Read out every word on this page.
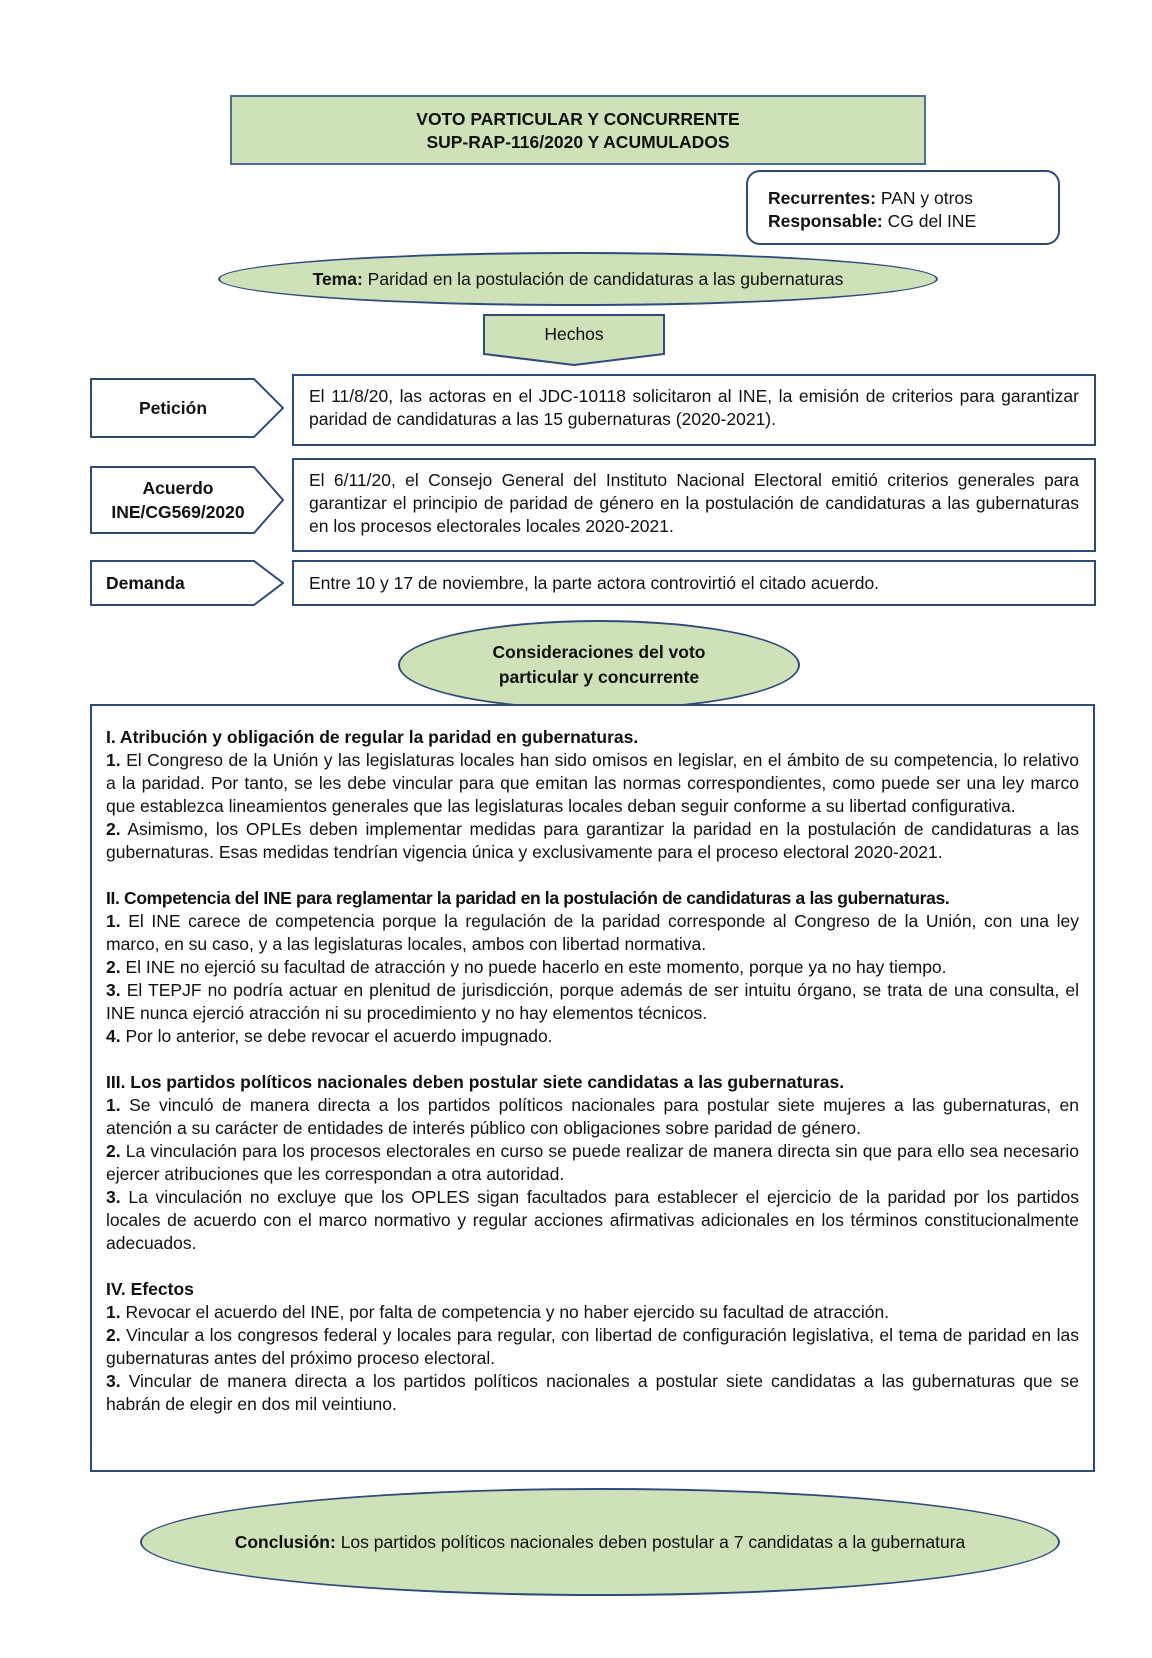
VOTO PARTICULAR Y CONCURRENTE
SUP-RAP-116/2020 Y ACUMULADOS
Recurrentes: PAN y otros
Responsable: CG del INE
Tema: Paridad en la postulación de candidaturas a las gubernaturas
Hechos
Petición
El 11/8/20, las actoras en el JDC-10118 solicitaron al INE, la emisión de criterios para garantizar paridad de candidaturas a las 15 gubernaturas (2020-2021).
Acuerdo
INE/CG569/2020
El 6/11/20, el Consejo General del Instituto Nacional Electoral emitió criterios generales para garantizar el principio de paridad de género en la postulación de candidaturas a las gubernaturas en los procesos electorales locales 2020-2021.
Demanda	Entre 10 y 17 de noviembre, la parte actora controvirtió el citado acuerdo.
Consideraciones del voto
particular y concurrente
I. Atribución y obligación de regular la paridad en gubernaturas.
1. El Congreso de la Unión y las legislaturas locales han sido omisos en legislar, en el ámbito de su competencia, lo relativo a la paridad. Por tanto, se les debe vincular para que emitan las normas correspondientes, como puede ser una ley marco que establezca lineamientos generales que las legislaturas locales deban seguir conforme a su libertad configurativa.
2. Asimismo, los OPLEs deben implementar medidas para garantizar la paridad en la postulación de candidaturas a las gubernaturas. Esas medidas tendrían vigencia única y exclusivamente para el proceso electoral 2020-2021.
II. Competencia del INE para reglamentar la paridad en la postulación de candidaturas a las gubernaturas.
1. El INE carece de competencia porque la regulación de la paridad corresponde al Congreso de la Unión, con una ley marco, en su caso, y a las legislaturas locales, ambos con libertad normativa.
2. El INE no ejerció su facultad de atracción y no puede hacerlo en este momento, porque ya no hay tiempo.
3. El TEPJF no podría actuar en plenitud de jurisdicción, porque además de ser intuitu órgano, se trata de una consulta, el INE nunca ejerció atracción ni su procedimiento y no hay elementos técnicos.
4. Por lo anterior, se debe revocar el acuerdo impugnado.
III. Los partidos políticos nacionales deben postular siete candidatas a las gubernaturas.
1. Se vinculó de manera directa a los partidos políticos nacionales para postular siete mujeres a las gubernaturas, en atención a su carácter de entidades de interés público con obligaciones sobre paridad de género.
2. La vinculación para los procesos electorales en curso se puede realizar de manera directa sin que para ello sea necesario ejercer atribuciones que les correspondan a otra autoridad.
3. La vinculación no excluye que los OPLES sigan facultados para establecer el ejercicio de la paridad por los partidos locales de acuerdo con el marco normativo y regular acciones afirmativas adicionales en los términos constitucionalmente adecuados.
IV. Efectos
1. Revocar el acuerdo del INE, por falta de competencia y no haber ejercido su facultad de atracción.
2. Vincular a los congresos federal y locales para regular, con libertad de configuración legislativa, el tema de paridad en las gubernaturas antes del próximo proceso electoral.
3. Vincular de manera directa a los partidos políticos nacionales a postular siete candidatas a las gubernaturas que se habrán de elegir en dos mil veintiuno.
Conclusión: Los partidos políticos nacionales deben postular a 7 candidatas a la gubernatura
